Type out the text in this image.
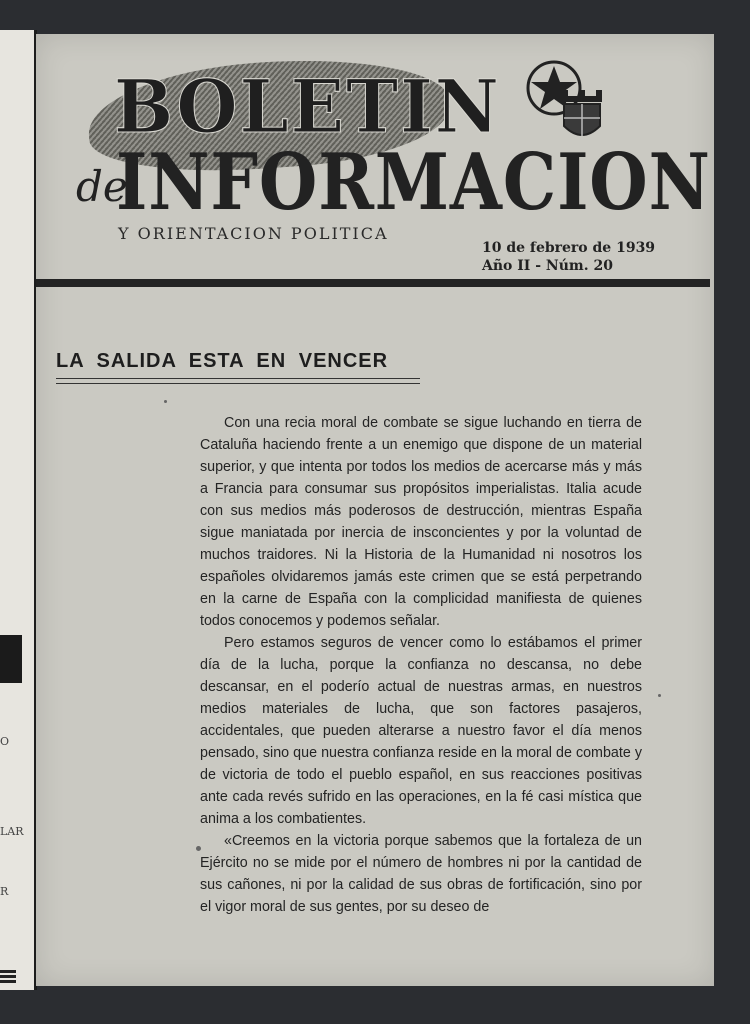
O
LAR
R
BOLETIN
INFORMACION
de
Y ORIENTACION POLITICA
10 de febrero de 1939
Año II - Núm. 20
LA SALIDA ESTA EN VENCER

Con una recia moral de combate se sigue luchando en tierra de Cataluña haciendo frente a un enemigo que dispone de un material superior, y que intenta por todos los medios de acercarse más y más a Francia para consumar sus propósitos imperialistas. Italia acude con sus medios más poderosos de destrucción, mientras España sigue maniatada por inercia de insconcientes y por la voluntad de muchos traidores. Ni la Historia de la Humanidad ni nosotros los españoles olvidaremos jamás este crimen que se está perpetrando en la carne de España con la complicidad manifiesta de quienes todos conocemos y podemos señalar.

Pero estamos seguros de vencer como lo estábamos el primer día de la lucha, porque la confianza no descansa, no debe descansar, en el poderío actual de nuestras armas, en nuestros medios materiales de lucha, que son factores pasajeros, accidentales, que pueden alterarse a nuestro favor el día menos pensado, sino que nuestra confianza reside en la moral de combate y de victoria de todo el pueblo español, en sus reacciones positivas ante cada revés sufrido en las operaciones, en la fé casi mística que anima a los combatientes.

«Creemos en la victoria porque sabemos que la fortaleza de un Ejército no se mide por el número de hombres ni por la cantidad de sus cañones, ni por la calidad de sus obras de fortificación, sino por el vigor moral de sus gentes, por su deseo de
